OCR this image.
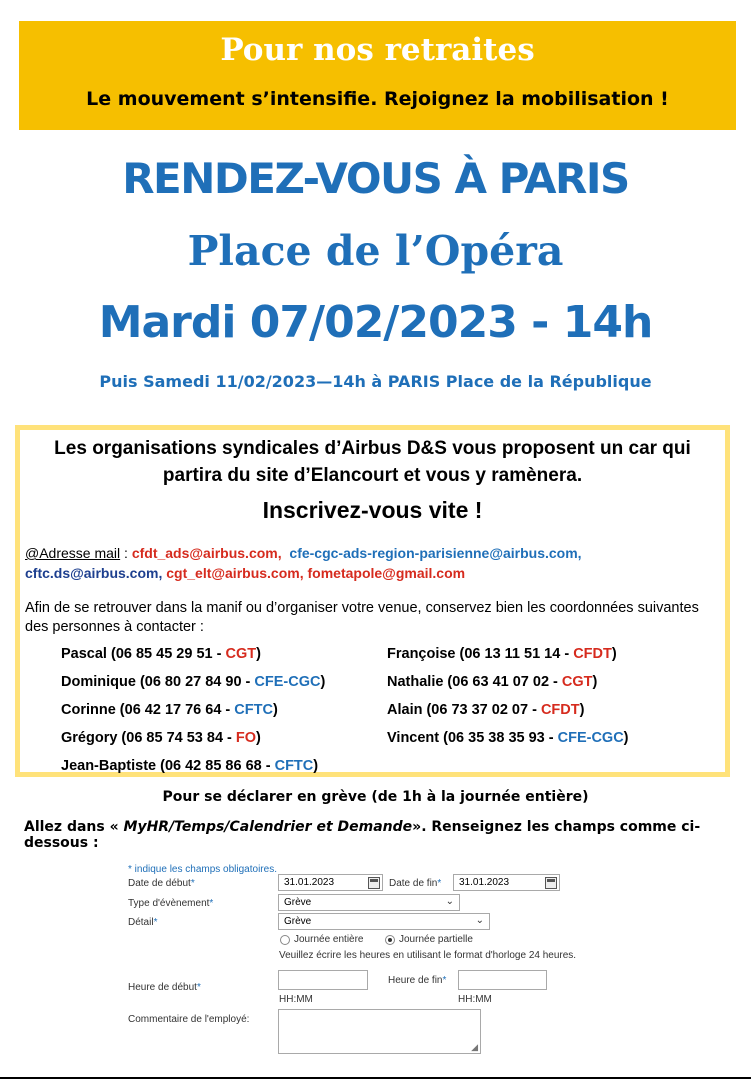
Pour nos retraites
Le mouvement s’intensifie. Rejoignez la mobilisation !
RENDEZ-VOUS À PARIS
Place de l’Opéra
Mardi 07/02/2023 - 14h
Puis Samedi 11/02/2023—14h à PARIS Place de la République
Les organisations syndicales d’Airbus D&S vous proposent un car qui partira du site d’Elancourt et vous y ramènera.
Inscrivez-vous vite !
@Adresse mail : cfdt_ads@airbus.com, cfe-cgc-ads-region-parisienne@airbus.com,
cftc.ds@airbus.com, cgt_elt@airbus.com, fometapole@gmail.com
Afin de se retrouver dans la manif ou d’organiser votre venue, conservez bien les coordonnées suivantes des personnes à contacter :
Pascal (06 85 45 29 51 - CGT)	Françoise (06 13 11 51 14 - CFDT)
Dominique (06 80 27 84 90 - CFE-CGC)	Nathalie (06 63 41 07 02 - CGT)
Corinne (06 42 17 76 64 - CFTC)	Alain (06 73 37 02 07 - CFDT)
Grégory (06 85 74 53 84 - FO)	Vincent (06 35 38 35 93 - CFE-CGC)
Jean-Baptiste (06 42 85 86 68 - CFTC)
Pour se déclarer en grève (de 1h à la journée entière)
Allez dans « MyHR/Temps/Calendrier et Demande». Renseignez les champs comme ci-dessous :
* indique les champs obligatoires.
Date de début*	31.01.2023	Date de fin*	31.01.2023
Type d'évènement*	Grève	⌄
Détail*	Grève	⌄
Journée entière	Journée partielle
Veuillez écrire les heures en utilisant le format d'horloge 24 heures.
Heure de début*
HH:MM
Heure de fin*
HH:MM
Commentaire de l'employé:
◢
